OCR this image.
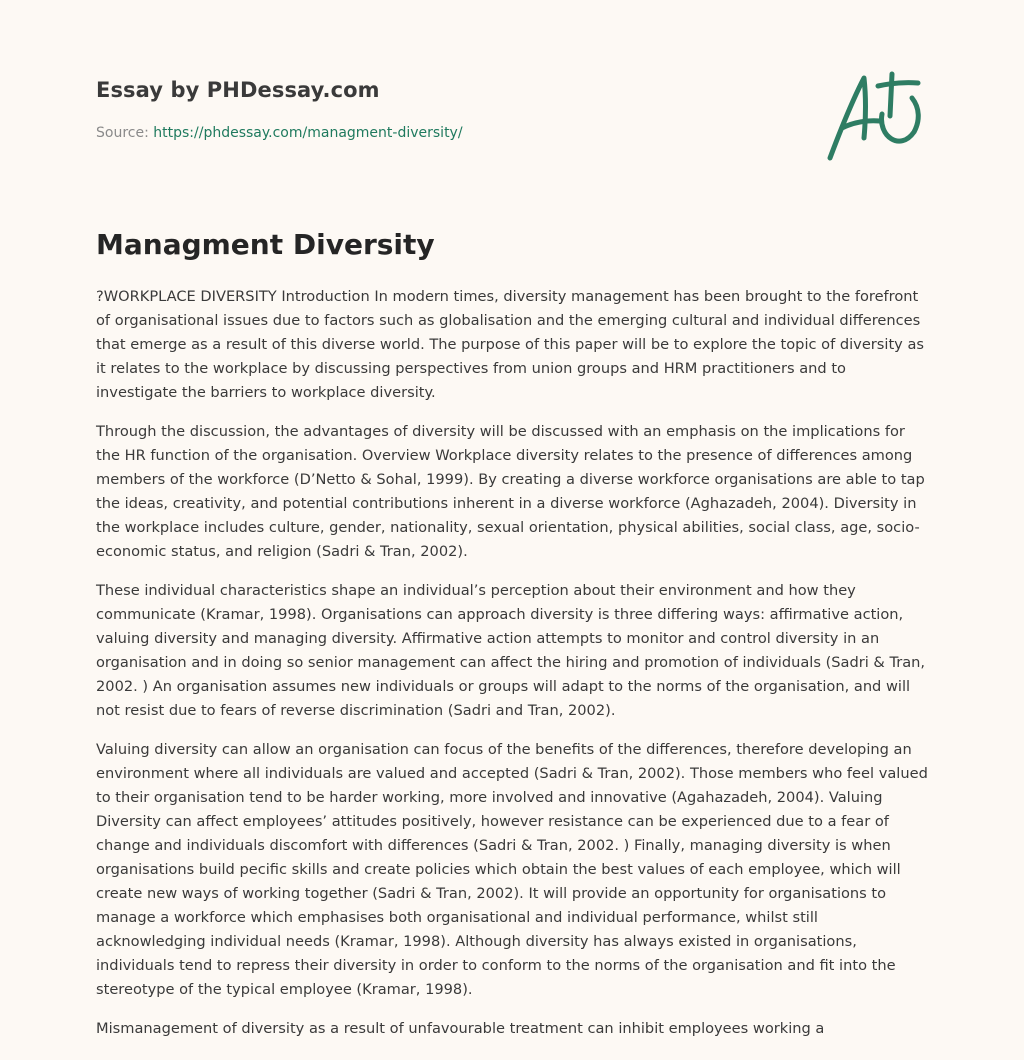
Essay by PHDessay.com
Source: https://phdessay.com/managment-diversity/
Managment Diversity

?WORKPLACE DIVERSITY Introduction In modern times, diversity management has been brought to the forefront of organisational issues due to factors such as globalisation and the emerging cultural and individual differences that emerge as a result of this diverse world. The purpose of this paper will be to explore the topic of diversity as it relates to the workplace by discussing perspectives from union groups and HRM practitioners and to investigate the barriers to workplace diversity.

Through the discussion, the advantages of diversity will be discussed with an emphasis on the implications for the HR function of the organisation. Overview Workplace diversity relates to the presence of differences among members of the workforce (D’Netto & Sohal, 1999). By creating a diverse workforce organisations are able to tap the ideas, creativity, and potential contributions inherent in a diverse workforce (Aghazadeh, 2004). Diversity in the workplace includes culture, gender, nationality, sexual orientation, physical abilities, social class, age, socio-economic status, and religion (Sadri & Tran, 2002).

These individual characteristics shape an individual’s perception about their environment and how they communicate (Kramar, 1998). Organisations can approach diversity is three differing ways: affirmative action, valuing diversity and managing diversity. Affirmative action attempts to monitor and control diversity in an organisation and in doing so senior management can affect the hiring and promotion of individuals (Sadri & Tran, 2002. ) An organisation assumes new individuals or groups will adapt to the norms of the organisation, and will not resist due to fears of reverse discrimination (Sadri and Tran, 2002).

Valuing diversity can allow an organisation can focus of the benefits of the differences, therefore developing an environment where all individuals are valued and accepted (Sadri & Tran, 2002). Those members who feel valued to their organisation tend to be harder working, more involved and innovative (Agahazadeh, 2004). Valuing Diversity can affect employees’ attitudes positively, however resistance can be experienced due to a fear of change and individuals discomfort with differences (Sadri & Tran, 2002. ) Finally, managing diversity is when organisations build pecific skills and create policies which obtain the best values of each employee, which will create new ways of working together (Sadri & Tran, 2002). It will provide an opportunity for organisations to manage a workforce which emphasises both organisational and individual performance, whilst still acknowledging individual needs (Kramar, 1998). Although diversity has always existed in organisations, individuals tend to repress their diversity in order to conform to the norms of the organisation and fit into the stereotype of the typical employee (Kramar, 1998).

Mismanagement of diversity as a result of unfavourable treatment can inhibit employees working a
